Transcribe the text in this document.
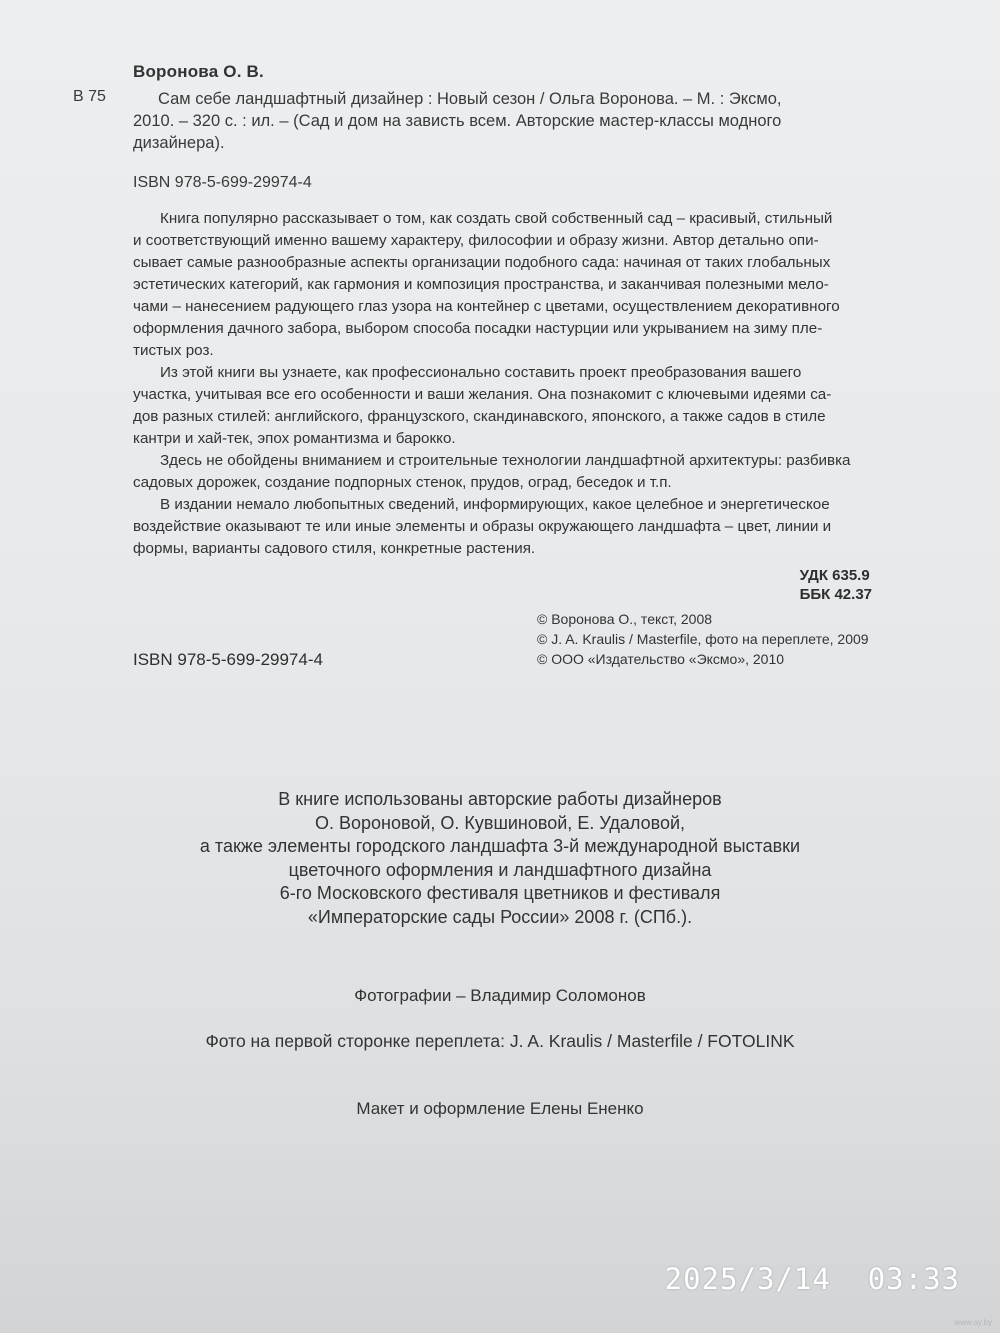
Воронова О. В.
В 75	Сам себе ландшафтный дизайнер : Новый сезон / Ольга Воронова. – М. : Эксмо,

2010. – 320 с. : ил. – (Сад и дом на зависть всем. Авторские мастер-классы модного

дизайнера).

ISBN 978-5-699-29974-4

Книга популярно рассказывает о том, как создать свой собственный сад – красивый, стильный

и соответствующий именно вашему характеру, философии и образу жизни. Автор детально опи-

сывает самые разнообразные аспекты организации подобного сада: начиная от таких глобальных

эстетических категорий, как гармония и композиция пространства, и заканчивая полезными мело-

чами – нанесением радующего глаз узора на контейнер с цветами, осуществлением декоративного

оформления дачного забора, выбором способа посадки настурции или укрыванием на зиму пле-

тистых роз.

Из этой книги вы узнаете, как профессионально составить проект преобразования вашего

участка, учитывая все его особенности и ваши желания. Она познакомит с ключевыми идеями са-

дов разных стилей: английского, французского, скандинавского, японского, а также садов в стиле

кантри и хай-тек, эпох романтизма и барокко.

Здесь не обойдены вниманием и строительные технологии ландшафтной архитектуры: разбивка

садовых дорожек, создание подпорных стенок, прудов, оград, беседок и т.п.

В издании немало любопытных сведений, информирующих, какое целебное и энергетическое

воздействие оказывают те или иные элементы и образы окружающего ландшафта – цвет, линии и

формы, варианты садового стиля, конкретные растения.

УДК 635.9
ББК 42.37
© Воронова О., текст, 2008
© J. A. Kraulis / Masterfile, фото на переплете, 2009
© ООО «Издательство «Эксмо», 2010
ISBN 978-5-699-29974-4
В книге использованы авторские работы дизайнеров
О. Вороновой, О. Кувшиновой, Е. Удаловой,
а также элементы городского ландшафта 3-й международной выставки
цветочного оформления и ландшафтного дизайна
6-го Московского фестиваля цветников и фестиваля
«Императорские сады России» 2008 г. (СПб.).
Фотографии – Владимир Соломонов
Фото на первой сторонке переплета: J. A. Kraulis / Masterfile / FOTOLINK
Макет и оформление Елены Ененко
2025/3/14  03:33
www.ay.by
